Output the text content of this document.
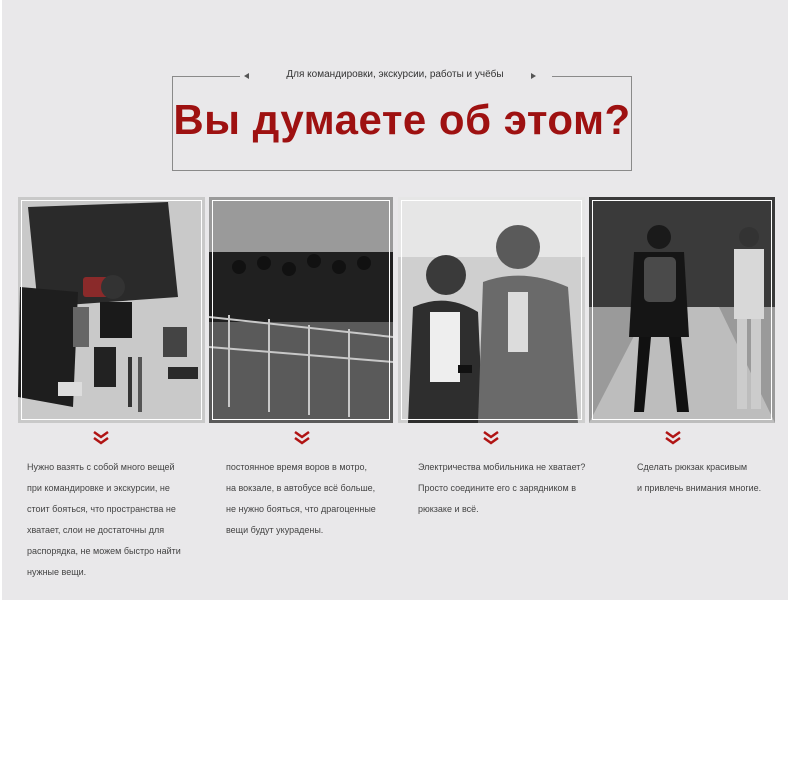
Для командировки, экскурсии, работы и учёбы
Вы думаете об этом?
Нужно вазять с собой много вещей
при командировке и экскурсии, не
стоит бояться, что пространства не
хватает, слои не достаточны для
распорядка, не можем быстро найти
нужные вещи.
постоянное время воров в мотро,
на вокзале, в автобусе всё больше,
не нужно бояться, что драгоценные
вещи будут укурадены.
Электричества мобильника не хватает?
Просто соедините его с зарядником в
рюкзаке и всё.
Сделать рюкзак красивым
и привлечь внимания многие.
